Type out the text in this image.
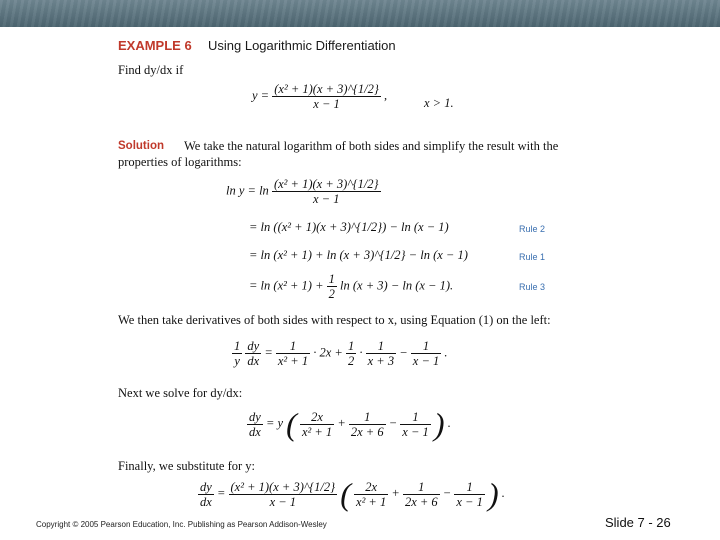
EXAMPLE 6 Using Logarithmic Differentiation
Find dy/dx if
$y = \frac{\text{(x² + 1)(x + 3)\textasciicircum{}\{1/2\}}}{x - 1}$ ,
x > 1.
Solution We take the natural logarithm of both sides and simplify the result with the
properties of logarithms:
$\ln y = \ln \frac{\text{(x² + 1)(x + 3)\textasciicircum{}\{1/2\}}}{x - 1}$
= ln ((x² + 1)(x + 3)^{1/2}) − ln (x − 1)	Rule 2
= ln (x² + 1) + ln (x + 3)^{1/2} − ln (x − 1)	Rule 1
= $\ln (x^2 + 1) + \frac{1}{2}$ ln (x + 3) − ln (x − 1).	Rule 3
We then take derivatives of both sides with respect to x, using Equation (1) on the left:
$\frac{1}{y}$
$\frac{dy}{dx} = \frac{1}{\text{x² + 1}} \cdot 2x + \frac{1}{2} \cdot \frac{1}{x + 3} - \frac{1}{x - 1}$ .
Next we solve for dy/dx:
$\frac{dy}{dx} = y$ ( $\frac{2x}{\text{x² + 1}} + \frac{1}{2x + 6} - \frac{1}{x - 1}$ ) .
Finally, we substitute for y:
$\frac{dy}{dx} = \frac{\text{(x² + 1)(x + 3)\textasciicircum{}\{1/2\}}}{x - 1}$ ( $\frac{2x}{\text{x² + 1}} + \frac{1}{2x + 6} - \frac{1}{x - 1}$ ) .
Copyright © 2005 Pearson Education, Inc. Publishing as Pearson Addison-Wesley	Slide 7 - 26
